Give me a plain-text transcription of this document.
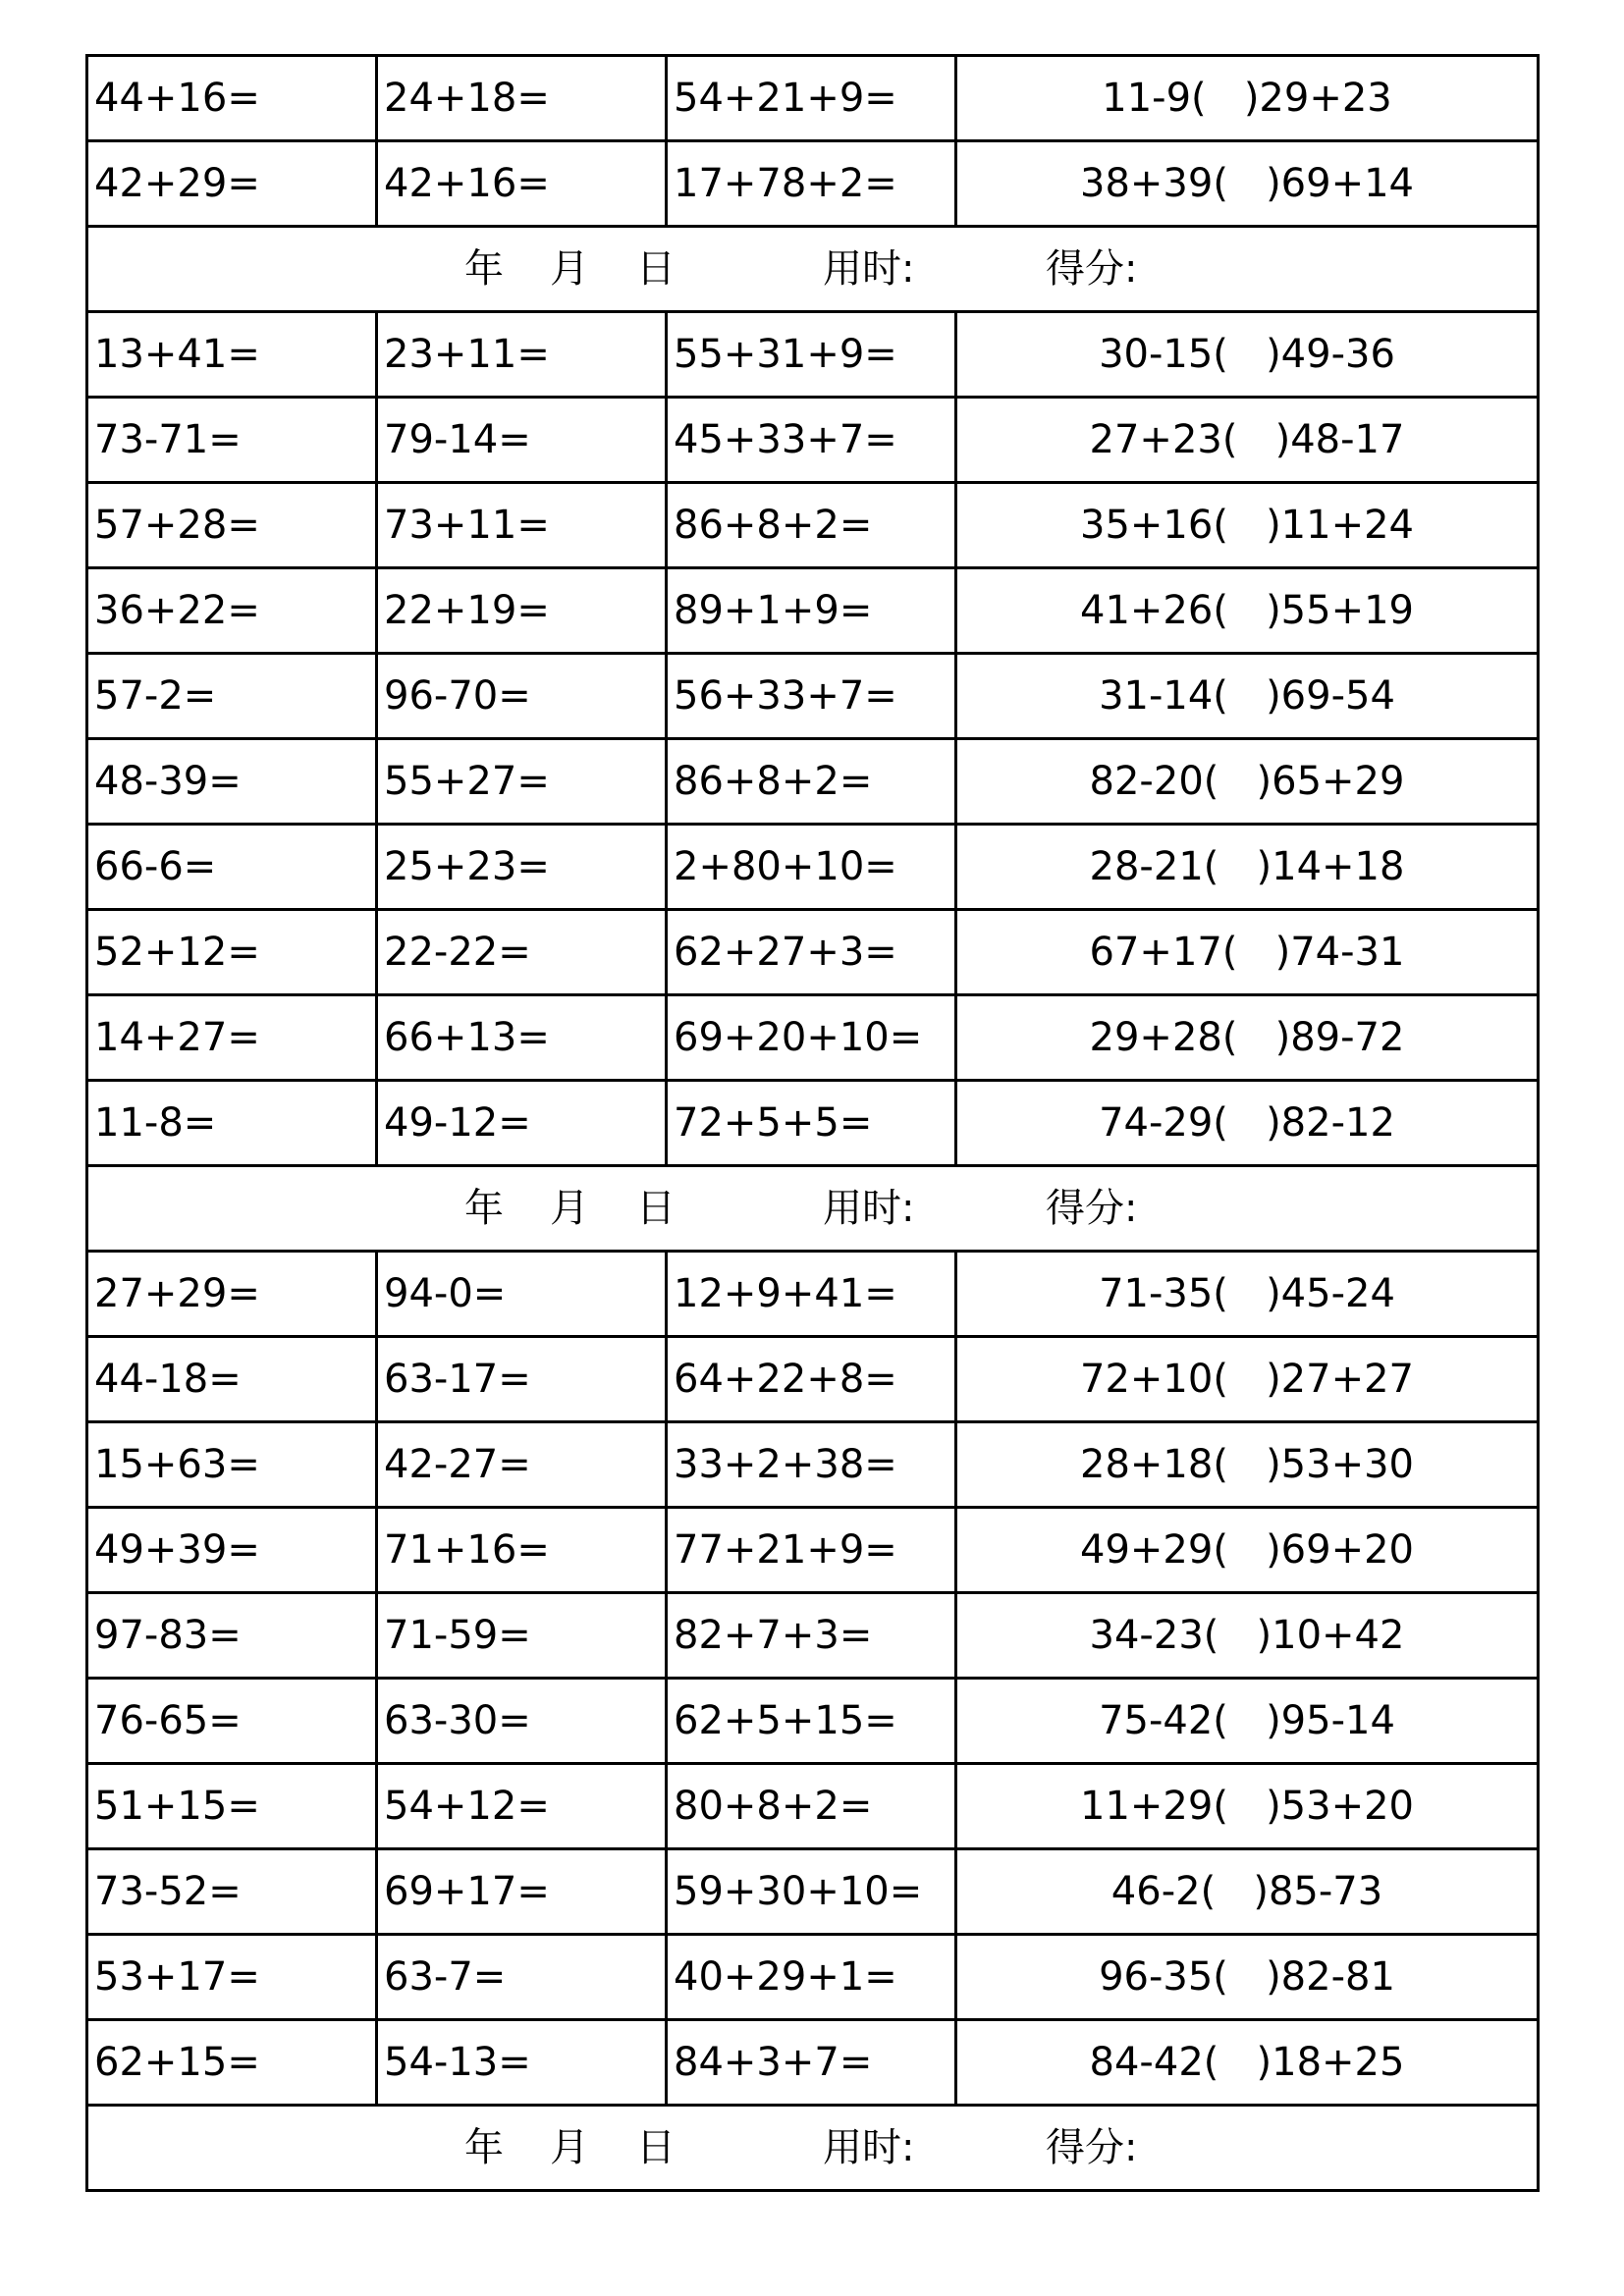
44+16=	24+18=	54+21+9=	11-9( )29+23
42+29=	42+16=	17+78+2=	38+39( )69+14

年 月 日 用时: 得分:			

13+41=	23+11=	55+31+9=	30-15( )49-36
73-71=	79-14=	45+33+7=	27+23( )48-17
57+28=	73+11=	86+8+2=	35+16( )11+24
36+22=	22+19=	89+1+9=	41+26( )55+19
57-2=	96-70=	56+33+7=	31-14( )69-54
48-39=	55+27=	86+8+2=	82-20( )65+29
66-6=	25+23=	2+80+10=	28-21( )14+18
52+12=	22-22=	62+27+3=	67+17( )74-31
14+27=	66+13=	69+20+10=	29+28( )89-72
11-8=	49-12=	72+5+5=	74-29( )82-12

年 月 日 用时: 得分:			

27+29=	94-0=	12+9+41=	71-35( )45-24
44-18=	63-17=	64+22+8=	72+10( )27+27
15+63=	42-27=	33+2+38=	28+18( )53+30
49+39=	71+16=	77+21+9=	49+29( )69+20
97-83=	71-59=	82+7+3=	34-23( )10+42
76-65=	63-30=	62+5+15=	75-42( )95-14
51+15=	54+12=	80+8+2=	11+29( )53+20
73-52=	69+17=	59+30+10=	46-2( )85-73
53+17=	63-7=	40+29+1=	96-35( )82-81
62+15=	54-13=	84+3+7=	84-42( )18+25

年 月 日 用时: 得分:			
